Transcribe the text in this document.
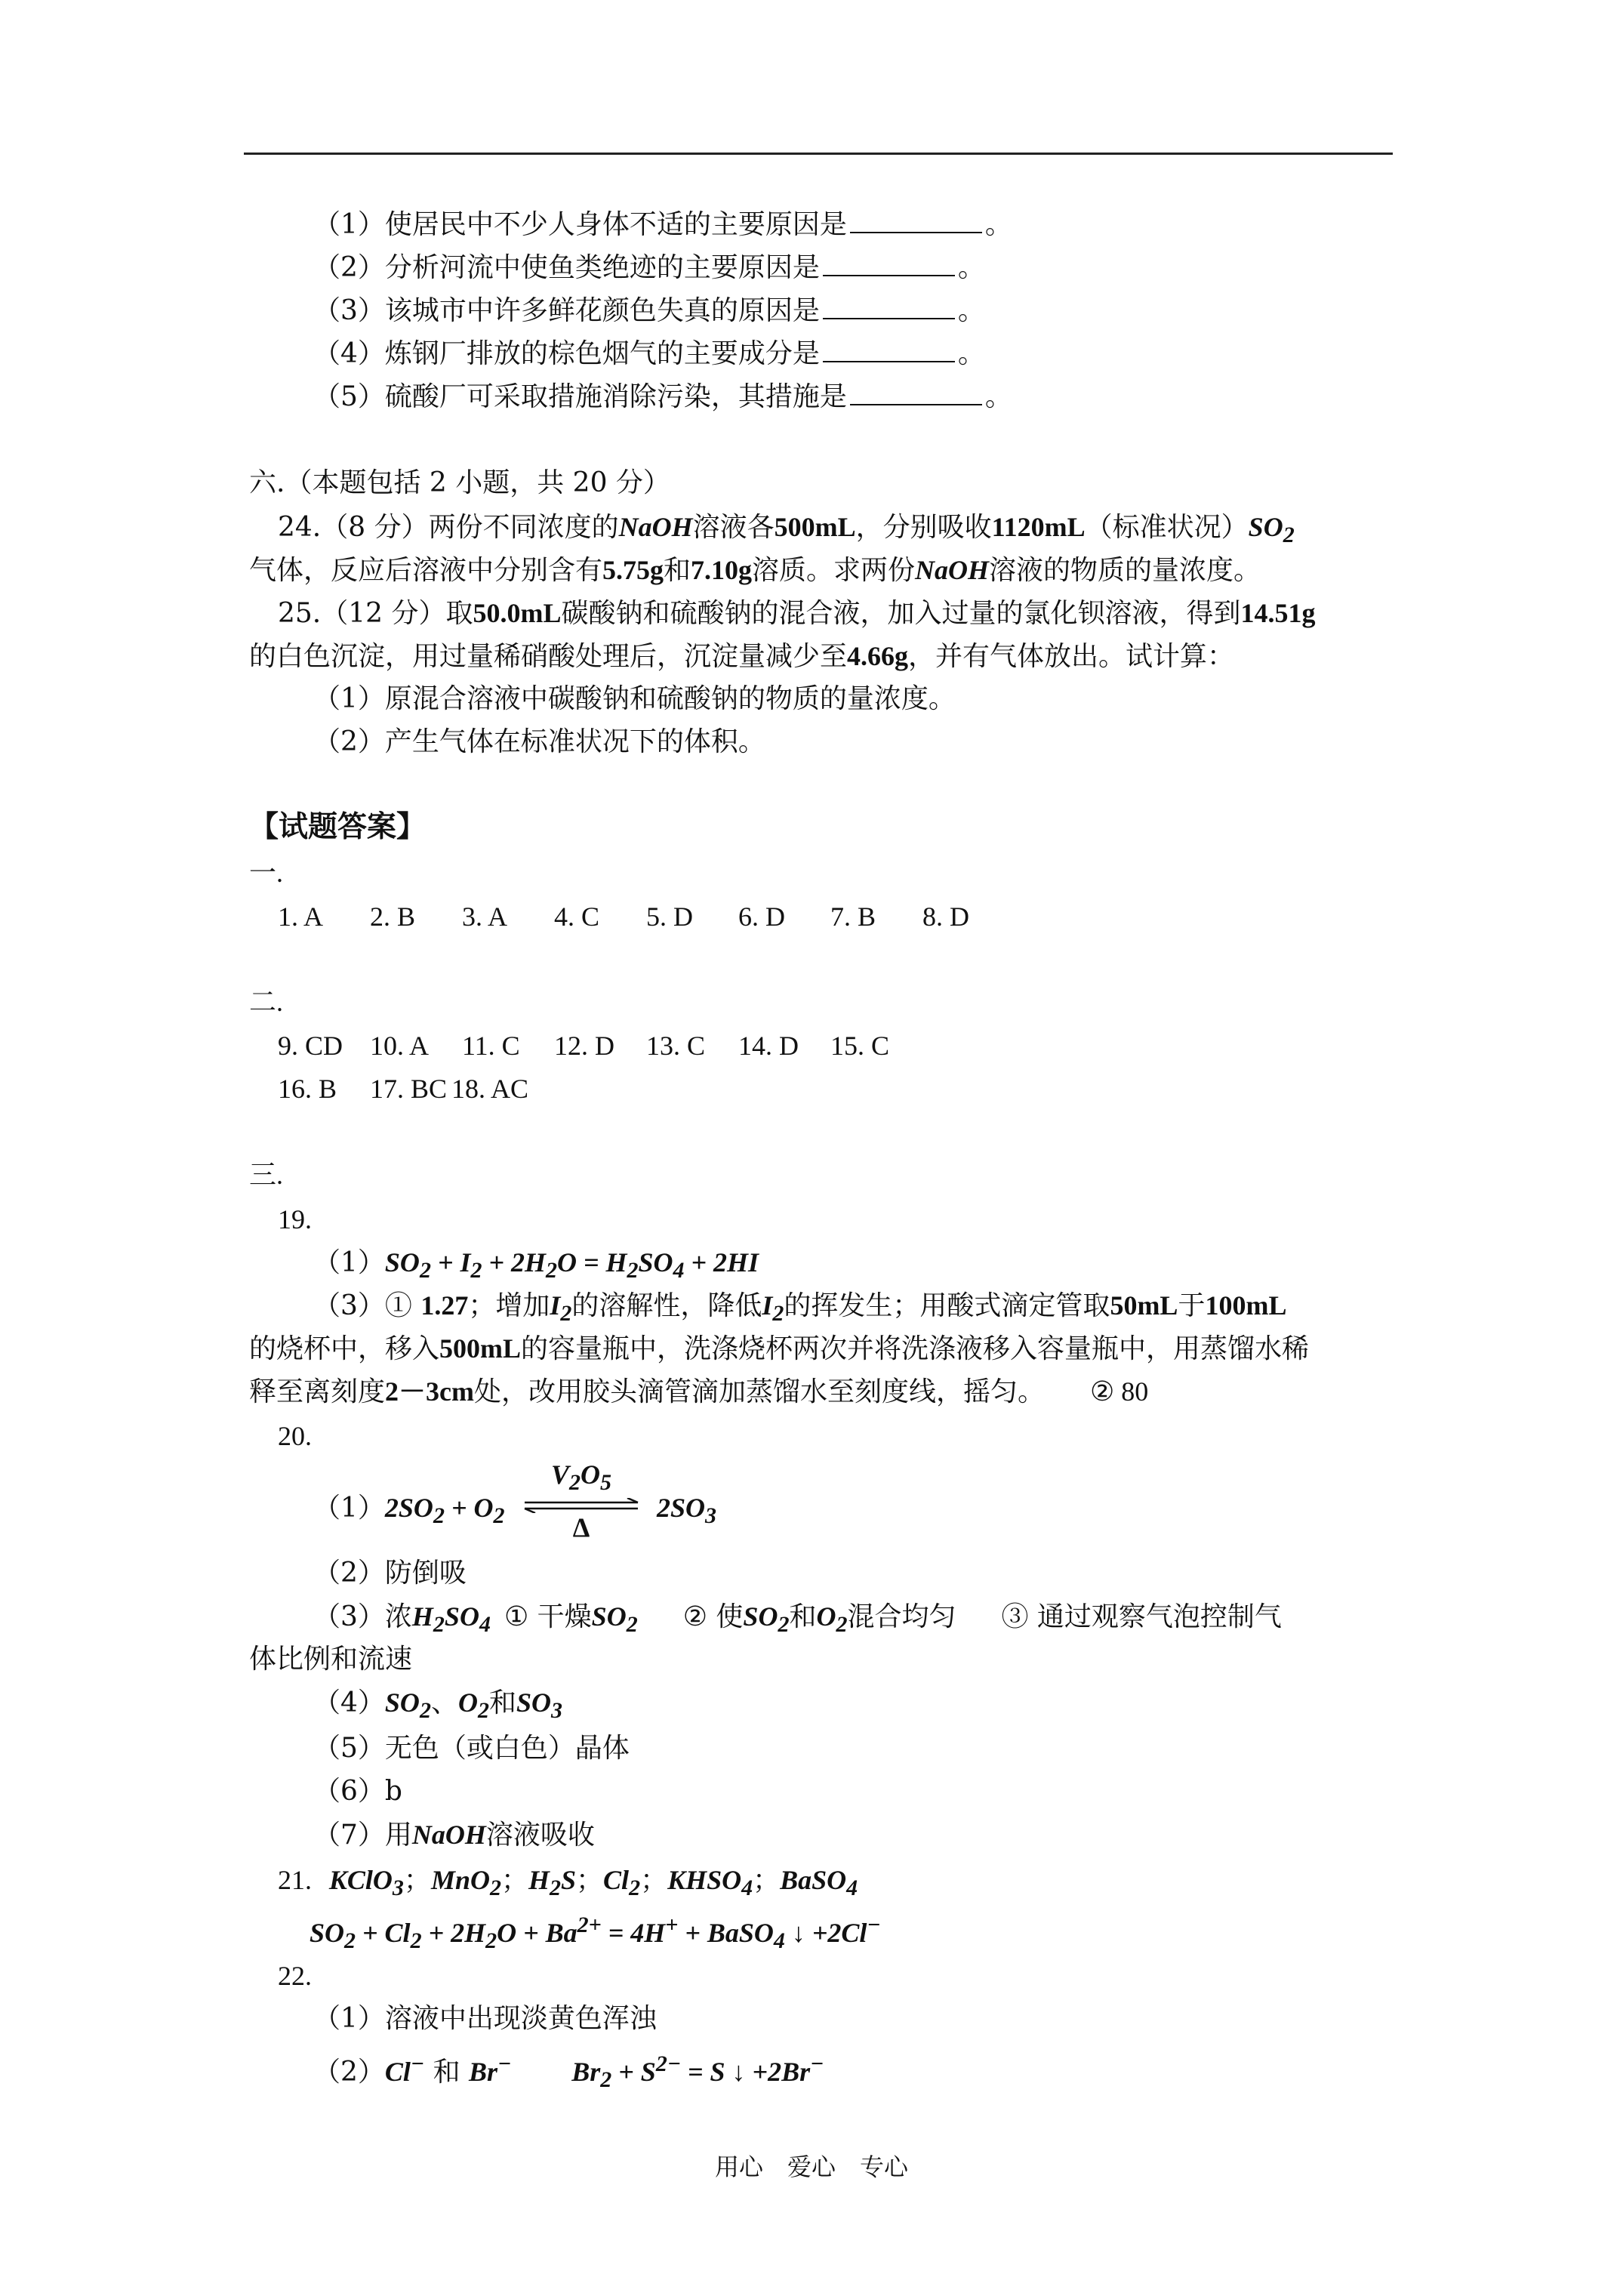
（1）使居民中不少人身体不适的主要原因是	。
（2）分析河流中使鱼类绝迹的主要原因是	。
（3）该城市中许多鲜花颜色失真的原因是	。
（4）炼钢厂排放的棕色烟气的主要成分是	。
（5）硫酸厂可采取措施消除污染，其措施是	。
六.（本题包括 2 小题，共 20 分）
24.（8 分）两份不同浓度的NaOH溶液各500mL，分别吸收1120mL（标准状况）$SO_2$
气体，反应后溶液中分别含有5.75g和7.10g溶质。求两份NaOH溶液的物质的量浓度。
25.（12 分）取50.0mL碳酸钠和硫酸钠的混合液，加入过量的氯化钡溶液，得到14.51g
的白色沉淀，用过量稀硝酸处理后，沉淀量减少至4.66g，并有气体放出。试计算：
（1）原混合溶液中碳酸钠和硫酸钠的物质的量浓度。
（2）产生气体在标准状况下的体积。
【试题答案】
一.
1. A 2. B 3. A 4. C 5. D 6. D 7. B 8. D
二.
9. CD 10. A 11. C 12. D 13. C 14. D 15. C
16. B 17. BC 18. AC
三.
19.
$(1)SO_2 + I_2 + 2H_2O = H_2SO_4 + 2HI$
（3）① 1.27；增加$I_2$的溶解性，降低$I_2$的挥发生；用酸式滴定管取50mL于100mL
的烧杯中，移入500mL的容量瓶中，洗涤烧杯两次并将洗涤液移入容量瓶中，用蒸馏水稀
释至离刻度2－3cm处，改用胶头滴管滴加蒸馏水至刻度线，摇匀。 ② 80
20.
$(1)2SO_2 + O_2$
$V_2O_5$
Δ
$2SO_3$
（2）防倒吸
（3）浓$H_2SO_4$ ① 干燥$SO_2$ ② 使$SO_2$和$O_2$混合均匀 ③ 通过观察气泡控制气
体比例和流速
$(4)SO_2$、$O_2$和$SO_3$
（5）无色（或白色）晶体
（6）b
（7）用NaOH溶液吸收
21. KClO$_3$；MnO$_2$；$H_2S$；$Cl_2$；$KHSO_4$；BaSO$_4$
$SO_2 + Cl_2 + 2H_2O + Ba^{2+} = 4H^+$ + BaSO$_4$ ↓ +2Cl−
22.
（1）溶液中出现淡黄色浑浊
（2）Cl− 和 Br− $Br_2 + S^{2-} = S$ ↓ +2Br−
用心 爱心 专心
